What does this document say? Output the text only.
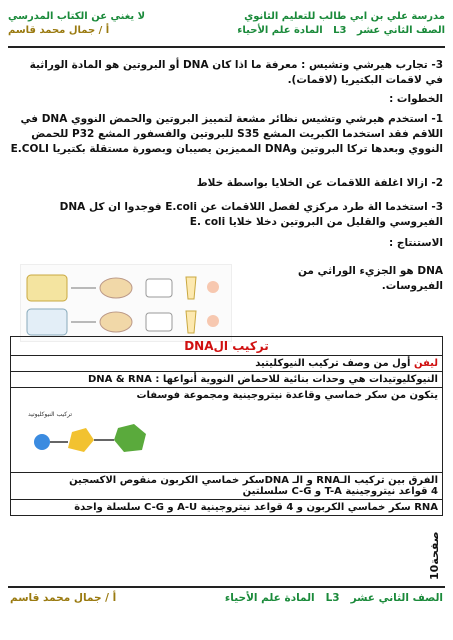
مدرسة علي بن ابي طالب للتعليم الثانوي
لا يغني عن الكتاب المدرسي
الصف الثاني عشر   L3   المادة علم الأحياء
أ / جمال محمد قاسم
3- تجارب هيرشي وتشيس : معرفة ما اذا كان DNA أو البروتين هو المادة الوراثية في لاقمات البكتيريا (لاقمات).
الخطوات :
1- استخدم هيرشي وتشيس نظائر مشعة لتمييز البروتين والحمض النووي DNA في اللاقم فقد استخدما الكبريت المشع S35 للبروتين والفسفور المشع P32 للحمض النووي وبعدها تركا البروتين وDNA المميزين يصيبان وبصورة مستقلة بكتيريا E.COLI
2- ازالا اغلفة اللاقمات عن الخلايا بواسطة خلاط
3- استخدما الة طرد مركزي لفصل اللاقمات عن E.coli فوجدوا ان كل DNA الفيروسي والقليل من البروتين دخلا خلايا E. coli
الاستنتاج :
DNA هو الجزيء الوراثي من الفيروسات.
تركيب الDNA
ليفن أول من وصف تركيب النيوكليتيد
النيوكليوتيدات هي وحدات بنائية للاحماض النووية أنواعها : DNA & RNA
يتكون من سكر خماسي وقاعدة نيتروجينية ومجموعة فوسفات

الفرق بين تركيب الـRNA و الـ DNAسكر خماسي الكربون منقوص الاكسجين
4 قواعد نيتروجينية T-A و C-G سلسلتين

RNA سكر خماسي الكربون و 4 قواعد نيتروجينية A-U و C-G سلسلة واحدة
تركيب النيوكليوتيد
صفحة10
الصف الثاني عشر   L3   المادة علم الأحياء
أ / جمال محمد قاسم
